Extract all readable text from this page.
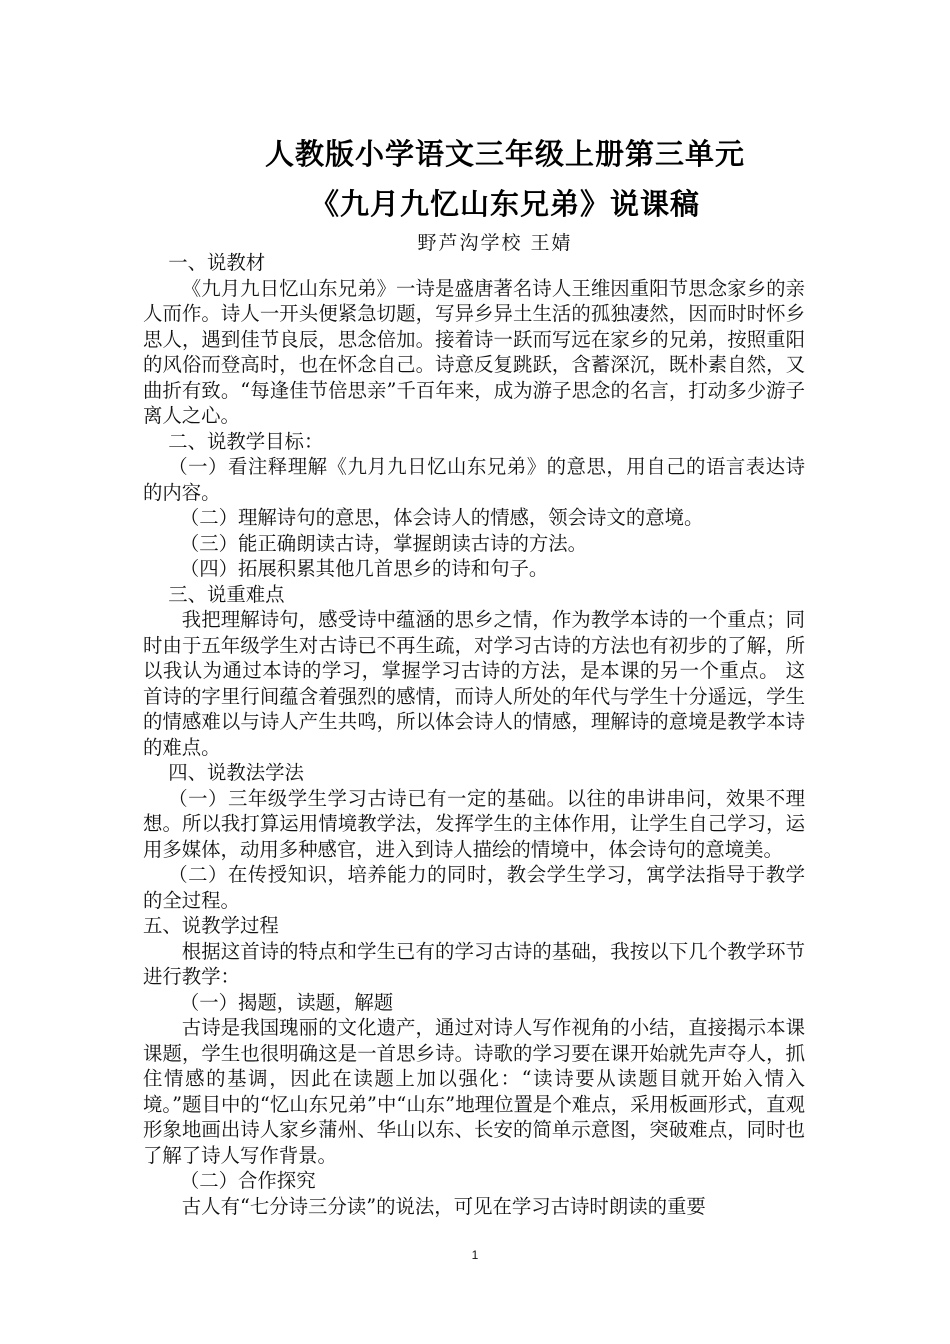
人教版小学语文三年级上册第三单元
《九月九忆山东兄弟》说课稿
野芦沟学校 王婧

一、说教材

《九月九日忆山东兄弟》一诗是盛唐著名诗人王维因重阳节思念家乡的亲人而作。诗人一开头便紧急切题，写异乡异土生活的孤独凄然，因而时时怀乡思人，遇到佳节良辰，思念倍加。接着诗一跃而写远在家乡的兄弟，按照重阳的风俗而登高时，也在怀念自己。诗意反复跳跃，含蓄深沉，既朴素自然，又曲折有致。“每逢佳节倍思亲”千百年来，成为游子思念的名言，打动多少游子离人之心。

二、说教学目标：

（一）看注释理解《九月九日忆山东兄弟》的意思，用自己的语言表达诗的内容。

（二）理解诗句的意思，体会诗人的情感，领会诗文的意境。

（三）能正确朗读古诗，掌握朗读古诗的方法。

（四）拓展积累其他几首思乡的诗和句子。

三、说重难点

我把理解诗句，感受诗中蕴涵的思乡之情，作为教学本诗的一个重点；同时由于五年级学生对古诗已不再生疏，对学习古诗的方法也有初步的了解，所以我认为通过本诗的学习，掌握学习古诗的方法，是本课的另一个重点。 这首诗的字里行间蕴含着强烈的感情，而诗人所处的年代与学生十分遥远，学生的情感难以与诗人产生共鸣，所以体会诗人的情感，理解诗的意境是教学本诗的难点。

四、说教法学法

（一）三年级学生学习古诗已有一定的基础。以往的串讲串问，效果不理想。所以我打算运用情境教学法，发挥学生的主体作用，让学生自己学习，运用多媒体，动用多种感官，进入到诗人描绘的情境中，体会诗句的意境美。

（二）在传授知识，培养能力的同时，教会学生学习，寓学法指导于教学的全过程。

五、说教学过程

根据这首诗的特点和学生已有的学习古诗的基础，我按以下几个教学环节进行教学：

（一）揭题，读题，解题

古诗是我国瑰丽的文化遗产，通过对诗人写作视角的小结，直接揭示本课课题，学生也很明确这是一首思乡诗。诗歌的学习要在课开始就先声夺人，抓住情感的基调，因此在读题上加以强化：“读诗要从读题目就开始入情入境。”题目中的“忆山东兄弟”中“山东”地理位置是个难点，采用板画形式，直观形象地画出诗人家乡蒲州、华山以东、长安的简单示意图，突破难点，同时也了解了诗人写作背景。

（二）合作探究

古人有“七分诗三分读”的说法，可见在学习古诗时朗读的重要

1
